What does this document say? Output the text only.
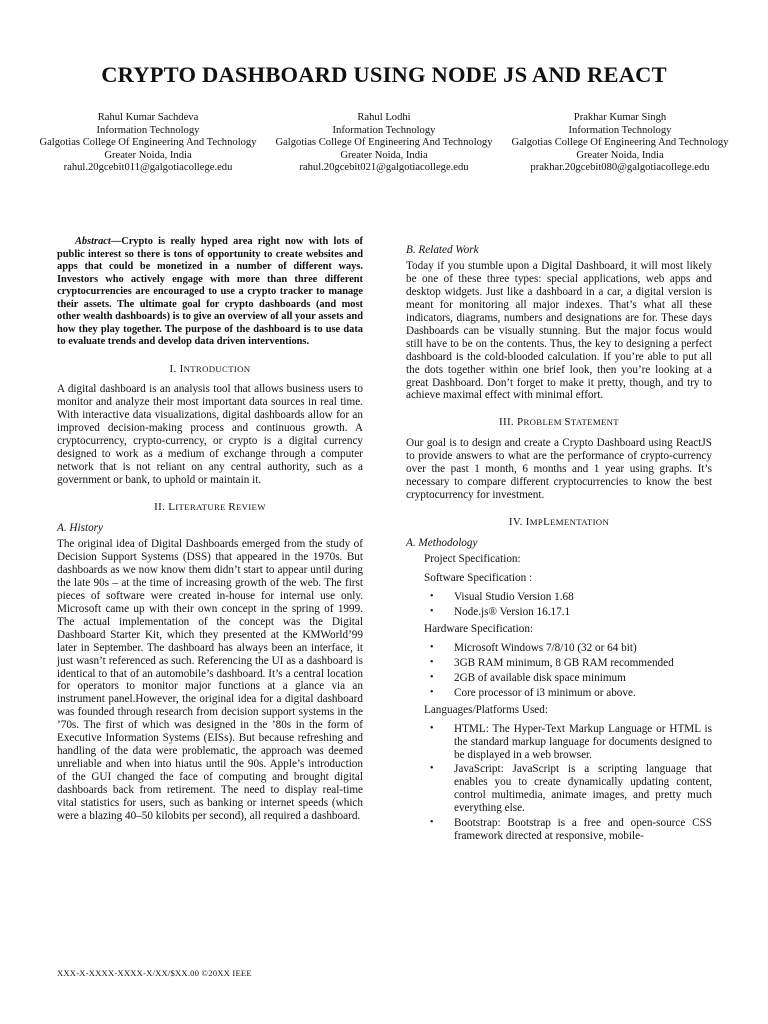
CRYPTO DASHBOARD USING NODE JS AND REACT
Rahul Kumar Sachdeva
Information Technology
Galgotias College Of Engineering And Technology
Greater Noida, India
rahul.20gcebit011@galgotiacollege.edu
Rahul Lodhi
Information Technology
Galgotias College Of Engineering And Technology
Greater Noida, India
rahul.20gcebit021@galgotiacollege.edu
Prakhar Kumar Singh
Information Technology
Galgotias College Of Engineering And Technology
Greater Noida, India
prakhar.20gcebit080@galgotiacollege.edu

Abstract—Crypto is really hyped area right now with lots of public interest so there is tons of opportunity to create websites and apps that could be monetized in a number of different ways. Investors who actively engage with more than three different cryptocurrencies are encouraged to use a crypto tracker to manage their assets. The ultimate goal for crypto dashboards (and most other wealth dashboards) is to give an overview of all your assets and how they play together. The purpose of the dashboard is to use data to evaluate trends and develop data driven interventions.

I. INTRODUCTION

A digital dashboard is an analysis tool that allows business users to monitor and analyze their most important data sources in real time. With interactive data visualizations, digital dashboards allow for an improved decision-making process and continuous growth. A cryptocurrency, crypto-currency, or crypto is a digital currency designed to work as a medium of exchange through a computer network that is not reliant on any central authority, such as a government or bank, to uphold or maintain it.

II. LITERATURE REVIEW
A. History

The original idea of Digital Dashboards emerged from the study of Decision Support Systems (DSS) that appeared in the 1970s. But dashboards as we now know them didn’t start to appear until during the late 90s – at the time of increasing growth of the web. The first pieces of software were created in-house for internal use only. Microsoft came up with their own concept in the spring of 1999. The actual implementation of the concept was the Digital Dashboard Starter Kit, which they presented at the KMWorld’99 later in September. The dashboard has always been an interface, it just wasn’t referenced as such. Referencing the UI as a dashboard is identical to that of an automobile’s dashboard. It’s a central location for operators to monitor major functions at a glance via an instrument panel.However, the original idea for a digital dashboard was founded through research from decision support systems in the ’70s. The first of which was designed in the ’80s in the form of Executive Information Systems (EISs). But because refreshing and handling of the data were problematic, the approach was deemed unreliable and when into hiatus until the 90s. Apple’s introduction of the GUI changed the face of computing and brought digital dashboards back from retirement. The need to display real-time vital statistics for users, such as banking or internet speeds (which were a blazing 40–50 kilobits per second), all required a dashboard.

B. Related Work

Today if you stumble upon a Digital Dashboard, it will most likely be one of these three types: special applications, web apps and desktop widgets. Just like a dashboard in a car, a digital version is meant for monitoring all major indexes. That’s what all these indicators, diagrams, numbers and designations are for. These days Dashboards can be visually stunning. But the major focus would still have to be on the contents. Thus, the key to designing a perfect dashboard is the cold-blooded calculation. If you’re able to put all the dots together within one brief look, then you’re looking at a great Dashboard. Don’t forget to make it pretty, though, and try to achieve maximal effect with minimal effort.

III. PROBLEM STATEMENT

Our goal is to design and create a Crypto Dashboard using ReactJS to provide answers to what are the performance of crypto-currency over the past 1 month, 6 months and 1 year using graphs. It’s necessary to compare different cryptocurrencies to know the best cryptocurrency for investment.

IV. IMPLEMENTATION
A. Methodology
Project Specification:
Software Specification :
• Visual Studio Version 1.68
• Node.js® Version 16.17.1
Hardware Specification:
• Microsoft Windows 7/8/10 (32 or 64 bit)
• 3GB RAM minimum, 8 GB RAM recommended
• 2GB of available disk space minimum
• Core processor of i3 minimum or above.
Languages/Platforms Used:
• HTML: The Hyper-Text Markup Language or HTML is the standard markup language for documents designed to be displayed in a web browser.
• JavaScript: JavaScript is a scripting language that enables you to create dynamically updating content, control multimedia, animate images, and pretty much everything else.
• Bootstrap: Bootstrap is a free and open-source CSS framework directed at responsive, mobile-
XXX-X-XXXX-XXXX-X/XX/$XX.00 ©20XX IEEE
